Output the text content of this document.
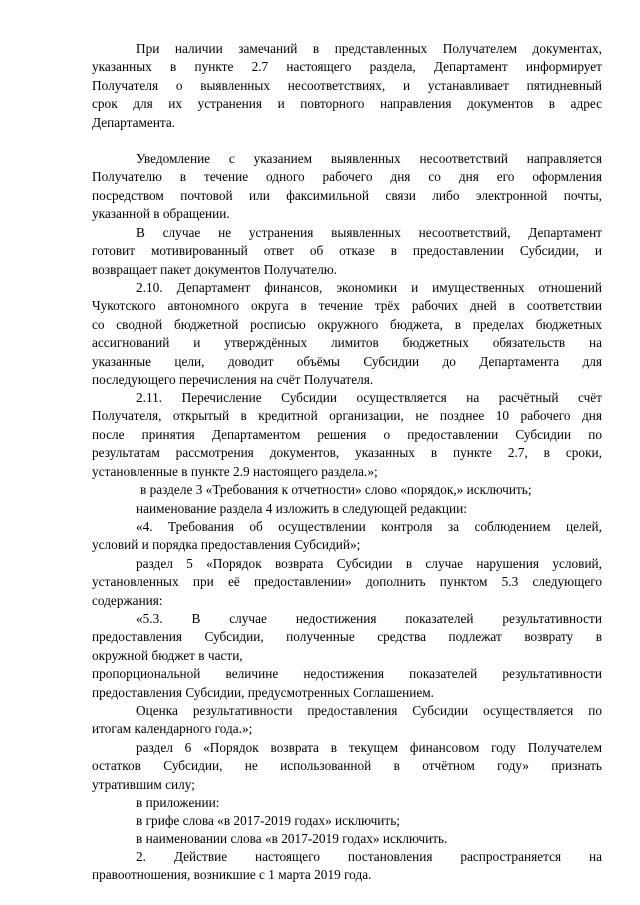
При наличии замечаний в представленных Получателем документах,
указанных в пункте 2.7 настоящего раздела, Департамент информирует
Получателя о выявленных несоответствиях, и устанавливает пятидневный
срок для их устранения и повторного направления документов в адрес
Департамента.
Уведомление с указанием выявленных несоответствий направляется
Получателю в течение одного рабочего дня со дня его оформления
посредством почтовой или факсимильной связи либо электронной почты,
указанной в обращении.
В случае не устранения выявленных несоответствий, Департамент
готовит мотивированный ответ об отказе в предоставлении Субсидии, и
возвращает пакет документов Получателю.
2.10. Департамент финансов, экономики и имущественных отношений
Чукотского автономного округа в течение трёх рабочих дней в соответствии
со сводной бюджетной росписью окружного бюджета, в пределах бюджетных
ассигнований и утверждённых лимитов бюджетных обязательств на
указанные цели, доводит объёмы Субсидии до Департамента для
последующего перечисления на счёт Получателя.
2.11. Перечисление Субсидии осуществляется на расчётный счёт
Получателя, открытый в кредитной организации, не позднее 10 рабочего дня
после принятия Департаментом решения о предоставлении Субсидии по
результатам рассмотрения документов, указанных в пункте 2.7, в сроки,
установленные в пункте 2.9 настоящего раздела.»;
в разделе 3 «Требования к отчетности» слово «порядок,» исключить;
наименование раздела 4 изложить в следующей редакции:
«4. Требования об осуществлении контроля за соблюдением целей,
условий и порядка предоставления Субсидий»;
раздел 5 «Порядок возврата Субсидии в случае нарушения условий,
установленных при её предоставлении» дополнить пунктом 5.3 следующего
содержания:
«5.3. В случае недостижения показателей результативности
предоставления Субсидии, полученные средства подлежат возврату в
окружной бюджет в части,
пропорциональной величине недостижения показателей результативности
предоставления Субсидии, предусмотренных Соглашением.
Оценка результативности предоставления Субсидии осуществляется по
итогам календарного года.»;
раздел 6 «Порядок возврата в текущем финансовом году Получателем
остатков Субсидии, не использованной в отчётном году» признать
утратившим силу;
в приложении:
в грифе слова «в 2017-2019 годах» исключить;
в наименовании слова «в 2017-2019 годах» исключить.
2. Действие настоящего постановления распространяется на
правоотношения, возникшие с 1 марта 2019 года.
